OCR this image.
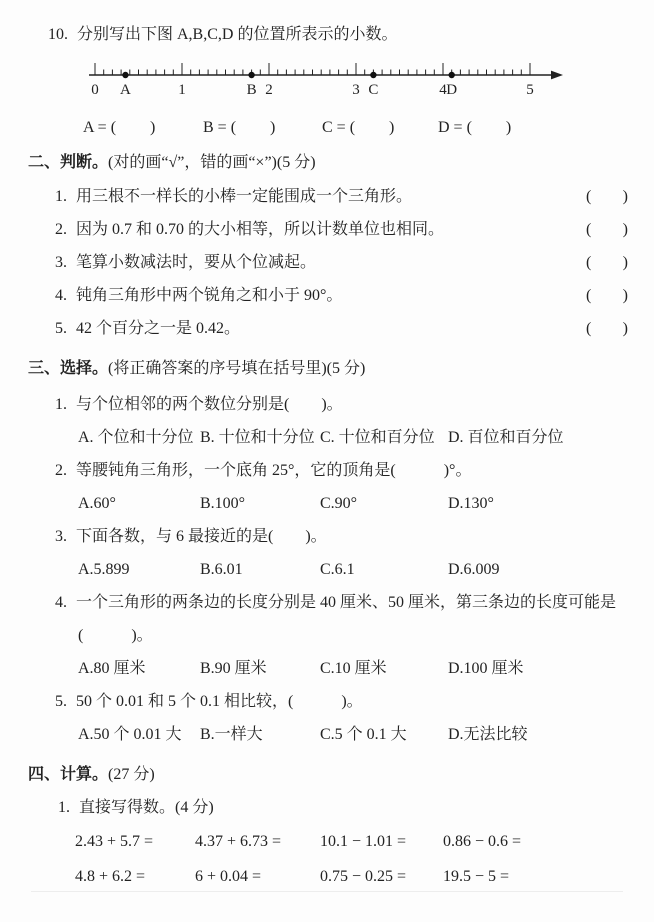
10. 分别写出下图 A,B,C,D 的位置所表示的小数。
0	1	2	3	4	5
A	B	C	D
A = ( )	B = ( )	C = ( )	D = ( )
二、判断。(对的画“√”，错的画“×”)(5 分)
1. 用三根不一样长的小棒一定能围成一个三角形。	( )
2. 因为 0.7 和 0.70 的大小相等，所以计数单位也相同。	( )
3. 笔算小数减法时，要从个位减起。	( )
4. 钝角三角形中两个锐角之和小于 90°。	( )
5. 42 个百分之一是 0.42。	( )
三、选择。(将正确答案的序号填在括号里)(5 分)
1. 与个位相邻的两个数位分别是(　　)。
A. 个位和十分位 B. 十位和十分位 C. 十位和百分位 D. 百位和百分位
2. 等腰钝角三角形，一个底角 25°，它的顶角是(　　　)°。
A.60°	B.100°	C.90°	D.130°
3. 下面各数，与 6 最接近的是(　　)。
A.5.899	B.6.01	C.6.1	D.6.009
4. 一个三角形的两条边的长度分别是 40 厘米、50 厘米，第三条边的长度可能是
(　　　)。
A.80 厘米	B.90 厘米	C.10 厘米	D.100 厘米
5. 50 个 0.01 和 5 个 0.1 相比较，(　　　)。
A.50 个 0.01 大	B.一样大	C.5 个 0.1 大	D.无法比较
四、计算。(27 分)
1. 直接写得数。(4 分)
2.43 + 5.7 =	4.37 + 6.73 =	10.1 − 1.01 =	0.86 − 0.6 =
4.8 + 6.2 =	6 + 0.04 =	0.75 − 0.25 =	19.5 − 5 =
